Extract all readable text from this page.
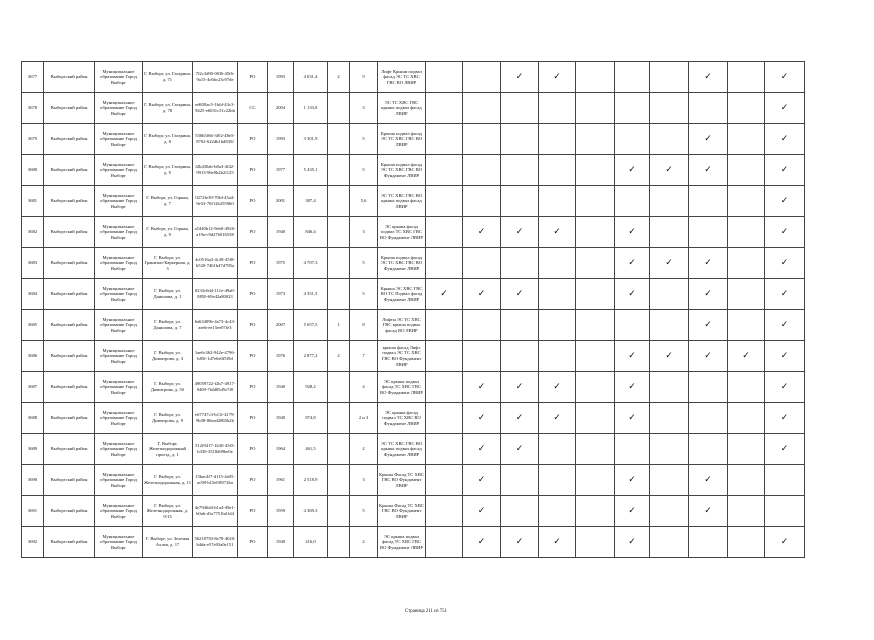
3677	Выборгский район	Муниципальное образование Город Выборг	Г. Выборг, ул. Гагарина, д. 71	7f2c3d90-0f06-45f6-9a15-4c6bc23c97de	РО	1993	4 031,4	2	9	Лифт Крыши подвал фасад ЭС ТС ХВС ГВС ВО ЛВИР			✓	✓				✓		✓
3678	Выборгский район	Муниципальное образование Город Выборг	Г. Выборг, ул. Гагарина, д. 78	ed658ac5-1bfd-43c3-9425-e6031c51c22bb	СС	2004	1 133,8		3	ЭС ТС ХВС ГВС крыша подвал фасад ЛВИР										✓
3679	Выборгский район	Муниципальное образование Город Выборг	Г. Выборг, ул. Гагарина, д. 8	530b5f66-3f02-48e5-8702-622db1bd835f	РО	1993	3 301,9		5	Крыша подвал фасад ЭС ТС ХВС ГВС ВО ЛВИР								✓		✓
3680	Выборгский район	Муниципальное образование Город Выборг	Г. Выборг, ул. Гагарина, д. 9	f2b430ab-b8a3-4f42-9913-96e9b2b2f125	РО	1977	5 435,1		5	Крыша подвал фасад ЭС ТС ХВС ГВС ВО Фундамент ЛВИР						✓	✓	✓		✓
3681	Выборгский район	Муниципальное образование Город Выборг	Г. Выборг, ул. Горная, д. 7	0272fe39-70fd-45a4-9e53-70f12b2559b0	РО	2001	387,4		5,6	ЭС ТС ХВС ГВС ВО крыша подвал фасад ЛВИР										✓
3682	Выборгский район	Муниципальное образование Город Выборг	Г. Выборг, ул. Горная, д. 9	a5440b12-9eb0-4926-a19a-c9d27b016558	РО	1940	846,4		3	ЭС крыша фасад подвал ТС ХВС ГВС ВО Фундамент ЛВИР		✓	✓	✓		✓				✓
3683	Выборгский район	Муниципальное образование Город Выборг	Г. Выборг, ул. Гранитно-Карьерная, д. 3	4c0516a3-4c38-45f8-b520-7461b47d785a	РО	1975	4 707,3		5	Крыша подвал фасад ЭС ТС ХВС ГВС ВО Фундамент ЛВИР						✓	✓	✓		✓
3684	Выборгский район	Муниципальное образование Город Выборг	Г. Выборг, ул. Данилова, д. 1	0233c6d4-111e-49a0-8850-69e42a80023	РО	1973	4 351,5		5	Крыша ЭС ХВС ГВС ВО ТС Подвал фасад Фундамент ЛВИР	✓	✓	✓			✓		✓		✓
3685	Выборгский район	Муниципальное образование Город Выборг	Г. Выборг, ул. Данилова, д. 7	6a63409b-4a73-4c43-aeeb-ee15ee07fe3	РО	2007	5 657,5	1	8	Лифты ЭС ТС ХВС ГВС крыша подвал фасад ВО ЛВИР								✓		✓
3686	Выборгский район	Муниципальное образование Город Выборг	Г. Выборг, ул. Димитрова, д. 3	1ae6c362-942e-4796-b85f-1d7e6e0f5f9d	РО	1976	2 877,2	2	7	крыша фасад Лифт подвал ЭС ТС ХВС ГВС ВО Фундамент ЛВИР						✓	✓	✓	✓	✓
3687	Выборгский район	Муниципальное образование Город Выборг	Г. Выборг, ул. Димитрова, д. 5б	49059722-f2b7-4917-9469-7fdd05d5e7f0	РО	1940	928,2		4	ЭС крыша подвал фасад ТС ХВС ГВС ВО Фундамент ЛВИР		✓	✓	✓		✓				✓
3688	Выборгский район	Муниципальное образование Город Выборг	Г. Выборг, ул. Димитрова, д. 9	e67747c3-b11f-4179-9b38-86ead2865b2b	РО	1940	874,8		2 и 3	ЭС крыша фасад подвал ТС ХВС ВО Фундамент ЛВИР		✓	✓	✓		✓				✓
3689	Выборгский район	Муниципальное образование Город Выборг	Г. Выборг, Железнодорожный проезд, д. 1	512f9417-1b30-43f5-b330-3518d09be0e	РО	1964	461,5		2	ЭС ТС ХВС ГВС ВО крыша подвал фасад Фундамент ЛВИР		✓	✓							✓
3690	Выборгский район	Муниципальное образование Город Выборг	Г. Выборг, ул. Железнодорожная, д. 11	15bac4f7-d115-4a95-ac98-b15e0f9f72ba	РО	1961	2 518,9		3	Крыша Фасад ТС ХВС ГВС ВО Фундамент ЛВИР		✓				✓		✓		
3691	Выборгский район	Муниципальное образование Город Выборг	Г. Выборг, ул. Железнодорожная, д. 9/13	4e7946d4-b1a4-49e1-b0ab-d1a7751bd1d4	РО	1959	4 369,3		5	Крыша Фасад ТС ХВС ГВС ВО Фундамент ЛВИР		✓				✓		✓		
3692	Выборгский район	Муниципальное образование Город Выборг	Г. Выборг, ул. Зеленая Аллея, д. 17	56218750-8e78-4020-b4da-e57e93a0e151	РО	1940	216,0		2	ЭС крыша подвал фасад ТС ХВС ГВС ВО Фундамент ЛВИР		✓	✓	✓		✓				✓
Страница 211 из 751
